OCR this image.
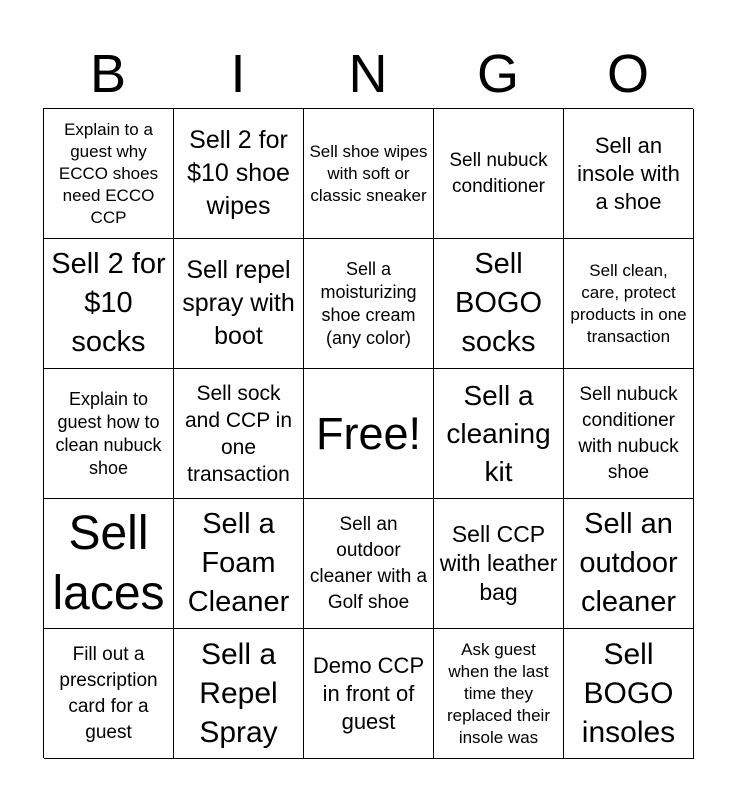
B	I	N	G	O
Explain to a guest why ECCO shoes need ECCO CCP
Sell 2 for $10 shoe wipes
Sell shoe wipes with soft or classic sneaker
Sell nubuck conditioner
Sell an insole with a shoe
Sell 2 for $10 socks
Sell repel spray with boot
Sell a moisturizing shoe cream (any color)
Sell BOGO socks
Sell clean, care, protect products in one transaction
Explain to guest how to clean nubuck shoe
Sell sock and CCP in one transaction
Free!
Sell a cleaning kit
Sell nubuck conditioner with nubuck shoe
Sell laces
Sell a Foam Cleaner
Sell an outdoor cleaner with a Golf shoe
Sell CCP with leather bag
Sell an outdoor cleaner
Fill out a prescription card for a guest
Sell a Repel Spray
Demo CCP in front of guest
Ask guest when the last time they replaced their insole was
Sell BOGO insoles
